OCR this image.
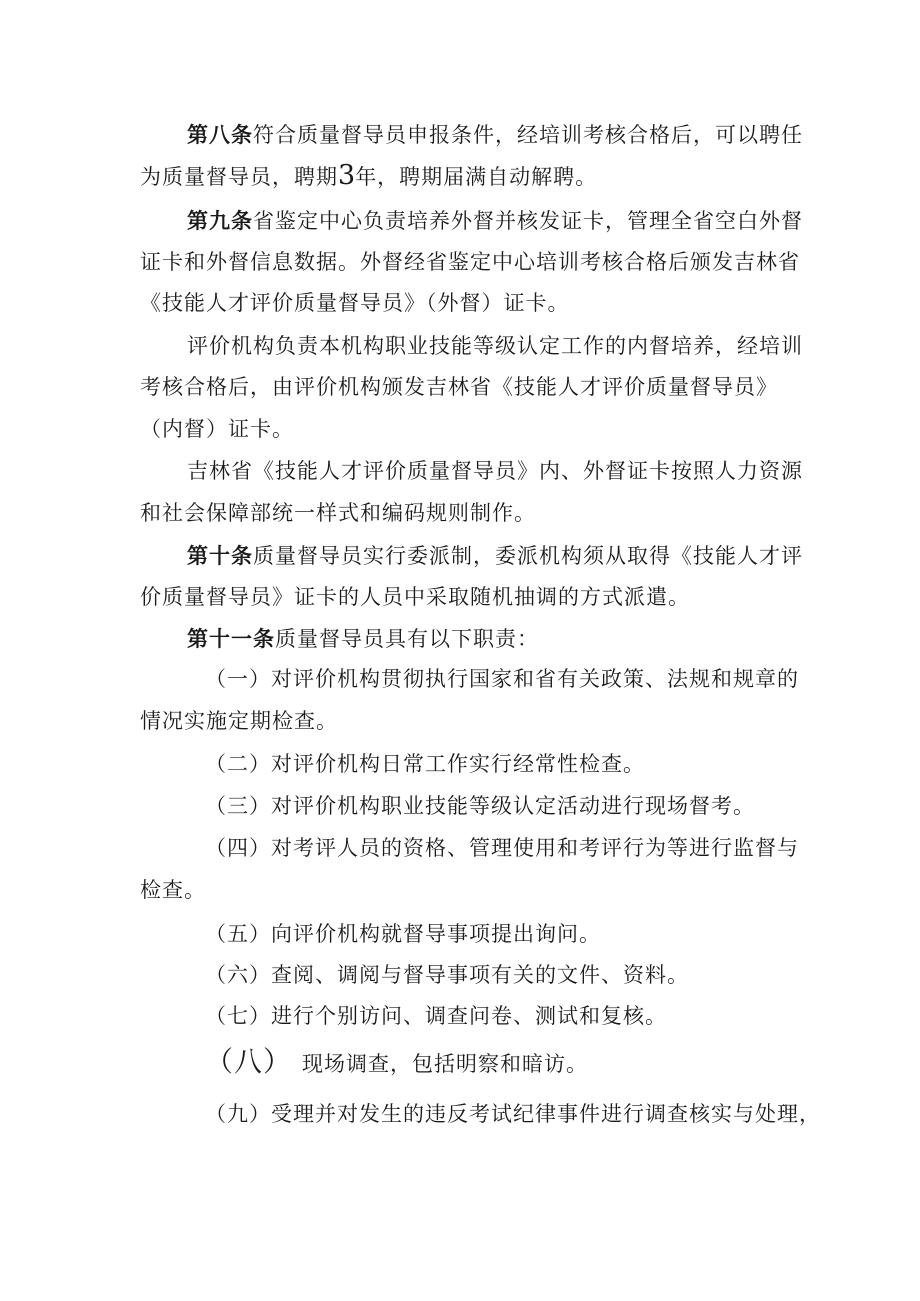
第八条符合质量督导员申报条件，经培训考核合格后，可以聘任
为质量督导员，聘期3年，聘期届满自动解聘。
第九条省鉴定中心负责培养外督并核发证卡，管理全省空白外督
证卡和外督信息数据。外督经省鉴定中心培训考核合格后颁发吉林省
《技能人才评价质量督导员》（外督）证卡。
评价机构负责本机构职业技能等级认定工作的内督培养，经培训
考核合格后，由评价机构颁发吉林省《技能人才评价质量督导员》
（内督）证卡。
吉林省《技能人才评价质量督导员》内、外督证卡按照人力资源
和社会保障部统一样式和编码规则制作。
第十条质量督导员实行委派制，委派机构须从取得《技能人才评
价质量督导员》证卡的人员中采取随机抽调的方式派遣。
第十一条质量督导员具有以下职责：
（一）对评价机构贯彻执行国家和省有关政策、法规和规章的
情况实施定期检查。
（二）对评价机构日常工作实行经常性检查。
（三）对评价机构职业技能等级认定活动进行现场督考。
（四）对考评人员的资格、管理使用和考评行为等进行监督与
检查。
（五）向评价机构就督导事项提出询问。
（六）查阅、调阅与督导事项有关的文件、资料。
（七）进行个别访问、调查问卷、测试和复核。
（八） 现场调查，包括明察和暗访。
（九）受理并对发生的违反考试纪律事件进行调查核实与处理，
